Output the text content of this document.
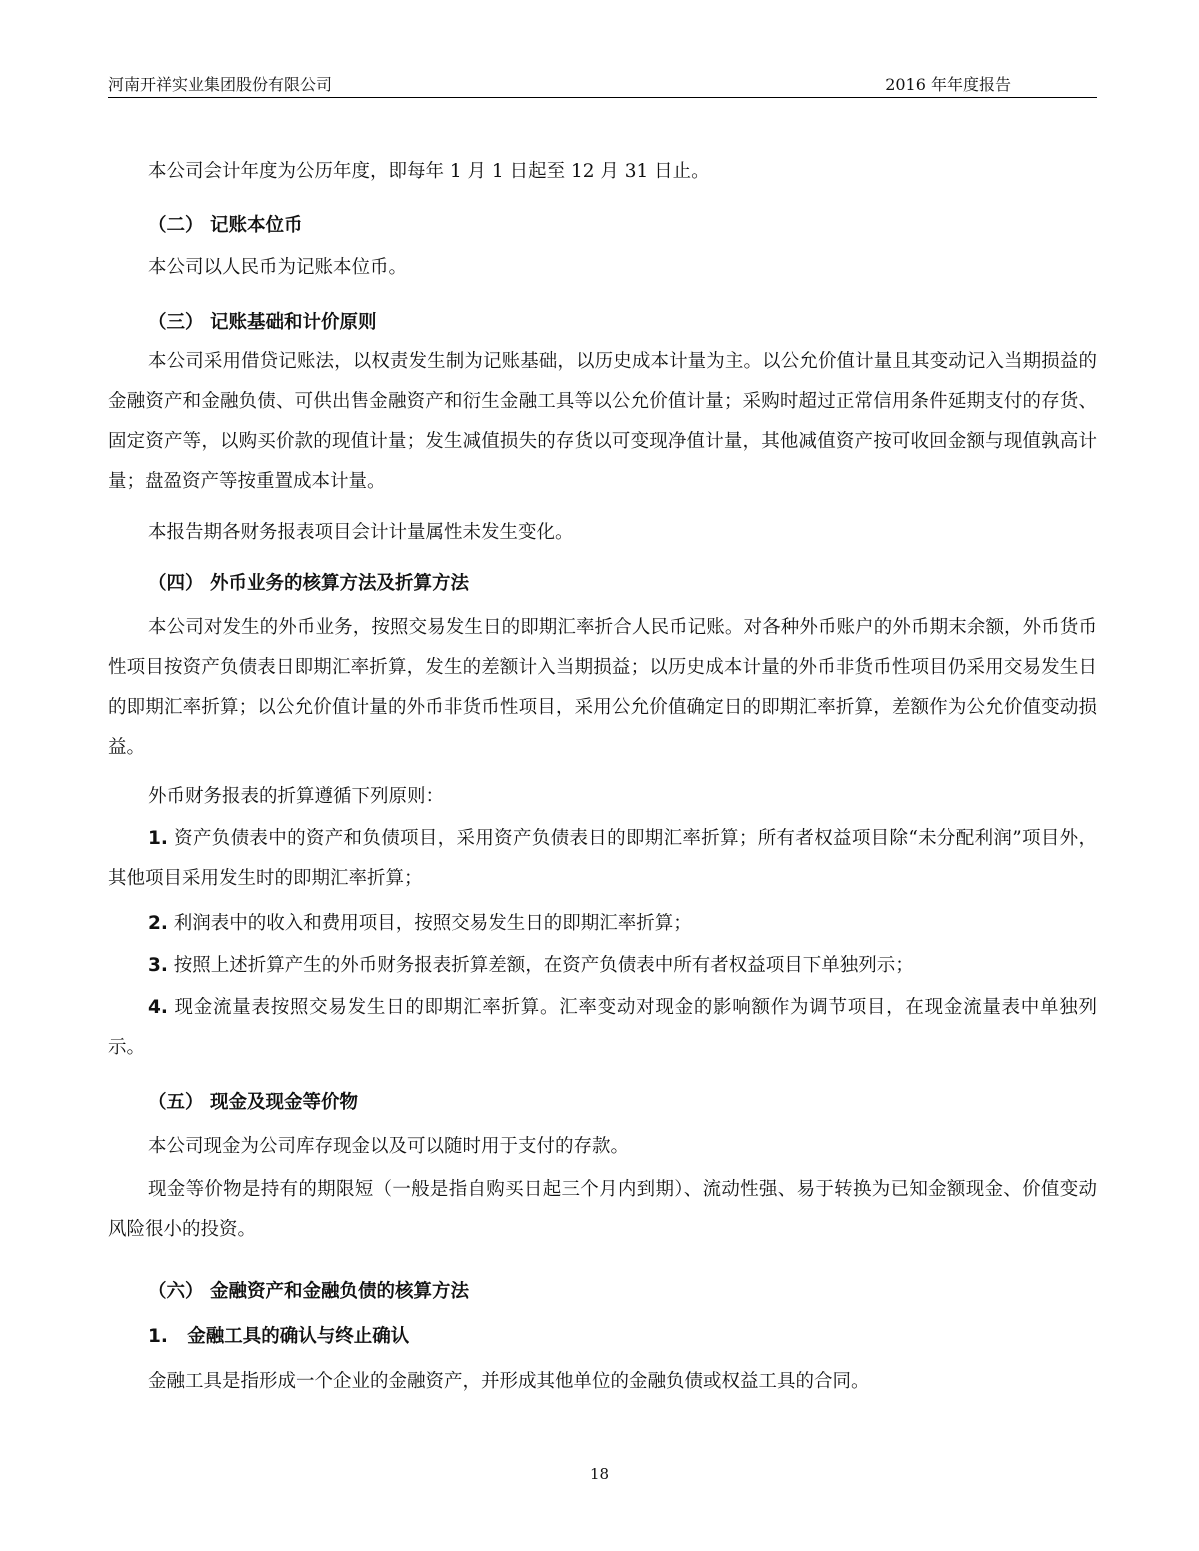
河南开祥实业集团股份有限公司	2016 年年度报告
本公司会计年度为公历年度，即每年 1 月 1 日起至 12 月 31 日止。
（二） 记账本位币
本公司以人民币为记账本位币。
（三） 记账基础和计价原则
本公司采用借贷记账法，以权责发生制为记账基础，以历史成本计量为主。以公允价值计量且其变动记入当期损益的金融资产和金融负债、可供出售金融资产和衍生金融工具等以公允价值计量；采购时超过正常信用条件延期支付的存货、固定资产等，以购买价款的现值计量；发生减值损失的存货以可变现净值计量，其他减值资产按可收回金额与现值孰高计量；盘盈资产等按重置成本计量。
本报告期各财务报表项目会计计量属性未发生变化。
（四） 外币业务的核算方法及折算方法
本公司对发生的外币业务，按照交易发生日的即期汇率折合人民币记账。对各种外币账户的外币期末余额，外币货币性项目按资产负债表日即期汇率折算，发生的差额计入当期损益；以历史成本计量的外币非货币性项目仍采用交易发生日的即期汇率折算；以公允价值计量的外币非货币性项目，采用公允价值确定日的即期汇率折算，差额作为公允价值变动损益。
外币财务报表的折算遵循下列原则：
1. 资产负债表中的资产和负债项目，采用资产负债表日的即期汇率折算；所有者权益项目除“未分配利润”项目外，其他项目采用发生时的即期汇率折算；
2. 利润表中的收入和费用项目，按照交易发生日的即期汇率折算；
3. 按照上述折算产生的外币财务报表折算差额，在资产负债表中所有者权益项目下单独列示；
4. 现金流量表按照交易发生日的即期汇率折算。汇率变动对现金的影响额作为调节项目，在现金流量表中单独列示。
（五） 现金及现金等价物
本公司现金为公司库存现金以及可以随时用于支付的存款。
现金等价物是持有的期限短（一般是指自购买日起三个月内到期）、流动性强、易于转换为已知金额现金、价值变动风险很小的投资。
（六） 金融资产和金融负债的核算方法
1. 金融工具的确认与终止确认
金融工具是指形成一个企业的金融资产，并形成其他单位的金融负债或权益工具的合同。
18
